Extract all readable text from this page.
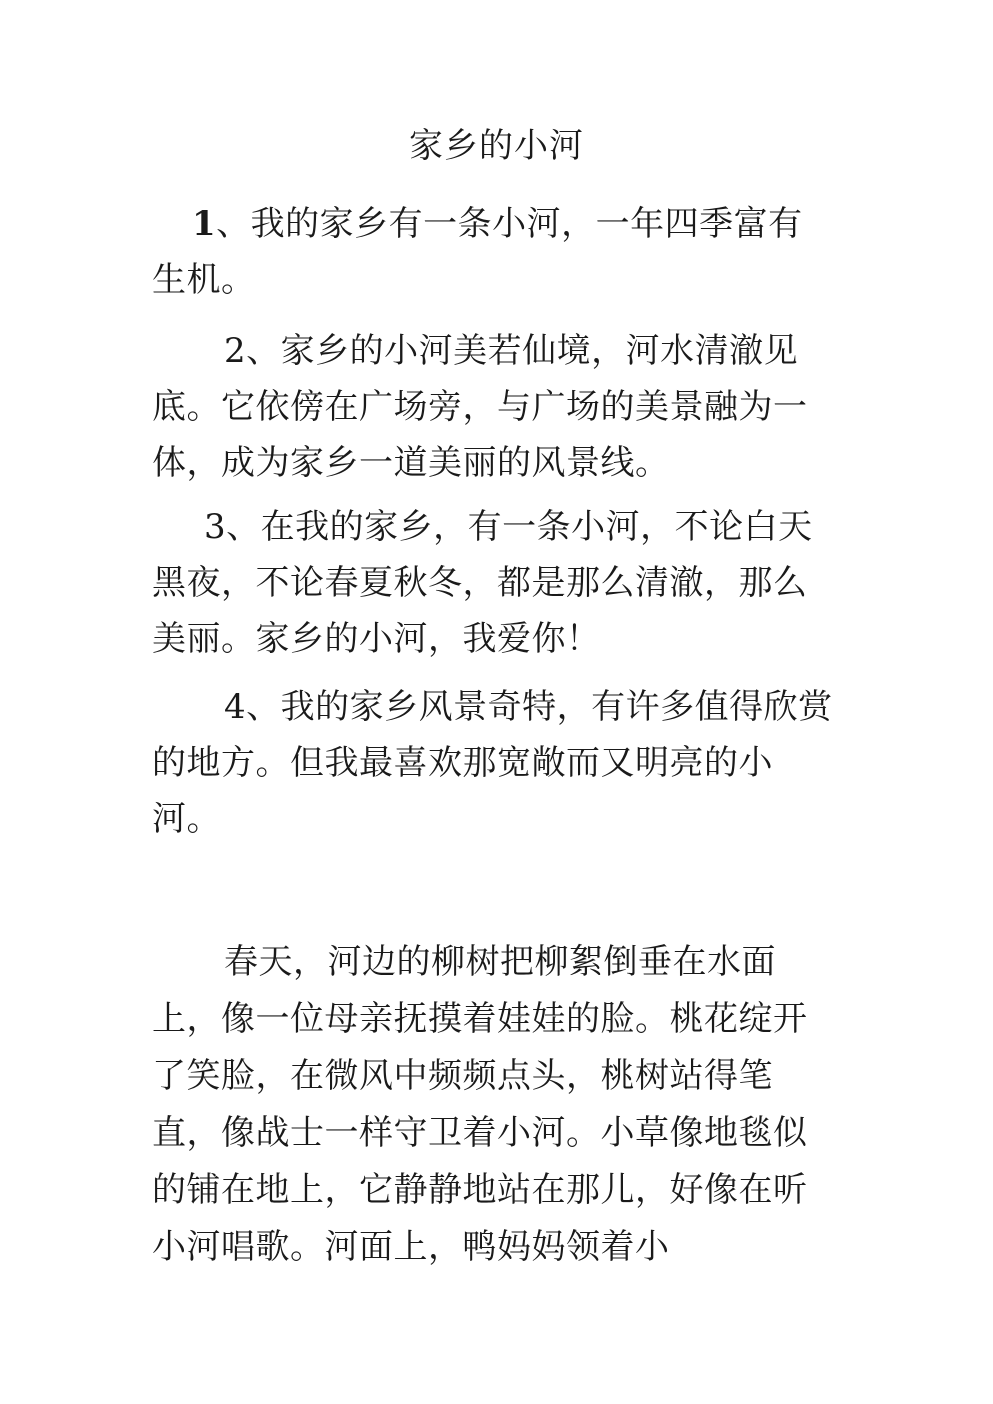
家乡的小河

1、我的家乡有一条小河，一年四季富有生机。

2、家乡的小河美若仙境，河水清澈见底。它依傍在广场旁，与广场的美景融为一体，成为家乡一道美丽的风景线。

3、在我的家乡，有一条小河，不论白天黑夜，不论春夏秋冬，都是那么清澈，那么美丽。家乡的小河，我爱你！

4、我的家乡风景奇特，有许多值得欣赏的地方。但我最喜欢那宽敞而又明亮的小河。

春天，河边的柳树把柳絮倒垂在水面上，像一位母亲抚摸着娃娃的脸。桃花绽开了笑脸，在微风中频频点头，桃树站得笔直，像战士一样守卫着小河。小草像地毯似的铺在地上，它静静地站在那儿，好像在听小河唱歌。河面上，鸭妈妈领着小
